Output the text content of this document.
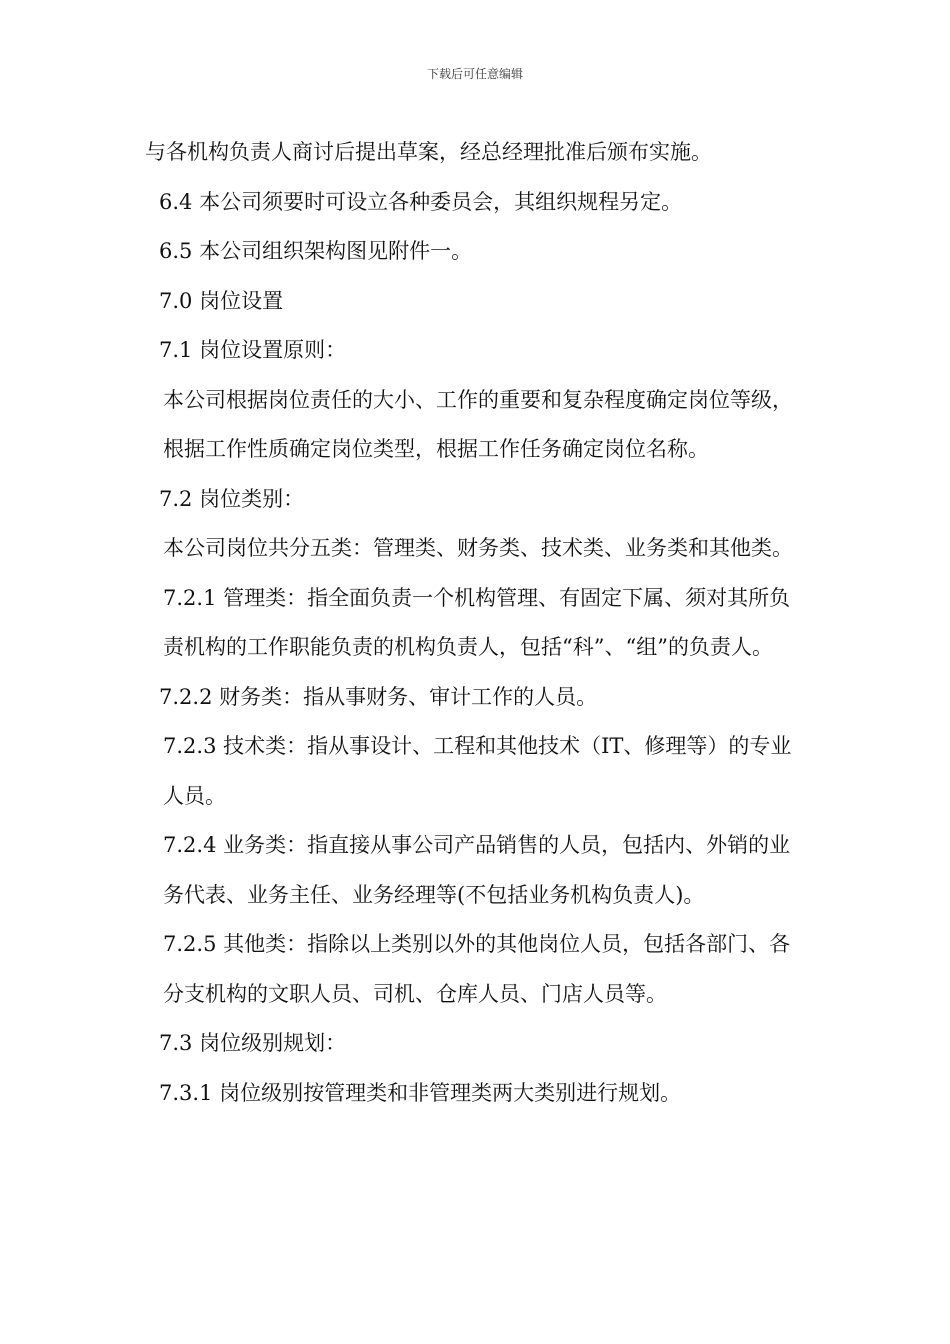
下载后可任意编辑

与各机构负责人商讨后提出草案，经总经理批准后颁布实施。

6.4 本公司须要时可设立各种委员会，其组织规程另定。

6.5 本公司组织架构图见附件一。

7.0 岗位设置

7.1 岗位设置原则：

本公司根据岗位责任的大小、工作的重要和复杂程度确定岗位等级，根据工作性质确定岗位类型，根据工作任务确定岗位名称。

7.2 岗位类别：

本公司岗位共分五类：管理类、财务类、技术类、业务类和其他类。

7.2.1 管理类：指全面负责一个机构管理、有固定下属、须对其所负责机构的工作职能负责的机构负责人，包括“科”、“组”的负责人。

7.2.2 财务类：指从事财务、审计工作的人员。

7.2.3 技术类：指从事设计、工程和其他技术（IT、修理等）的专业人员。

7.2.4 业务类：指直接从事公司产品销售的人员，包括内、外销的业务代表、业务主任、业务经理等(不包括业务机构负责人)。

7.2.5 其他类：指除以上类别以外的其他岗位人员，包括各部门、各分支机构的文职人员、司机、仓库人员、门店人员等。

7.3 岗位级别规划：

7.3.1 岗位级别按管理类和非管理类两大类别进行规划。
